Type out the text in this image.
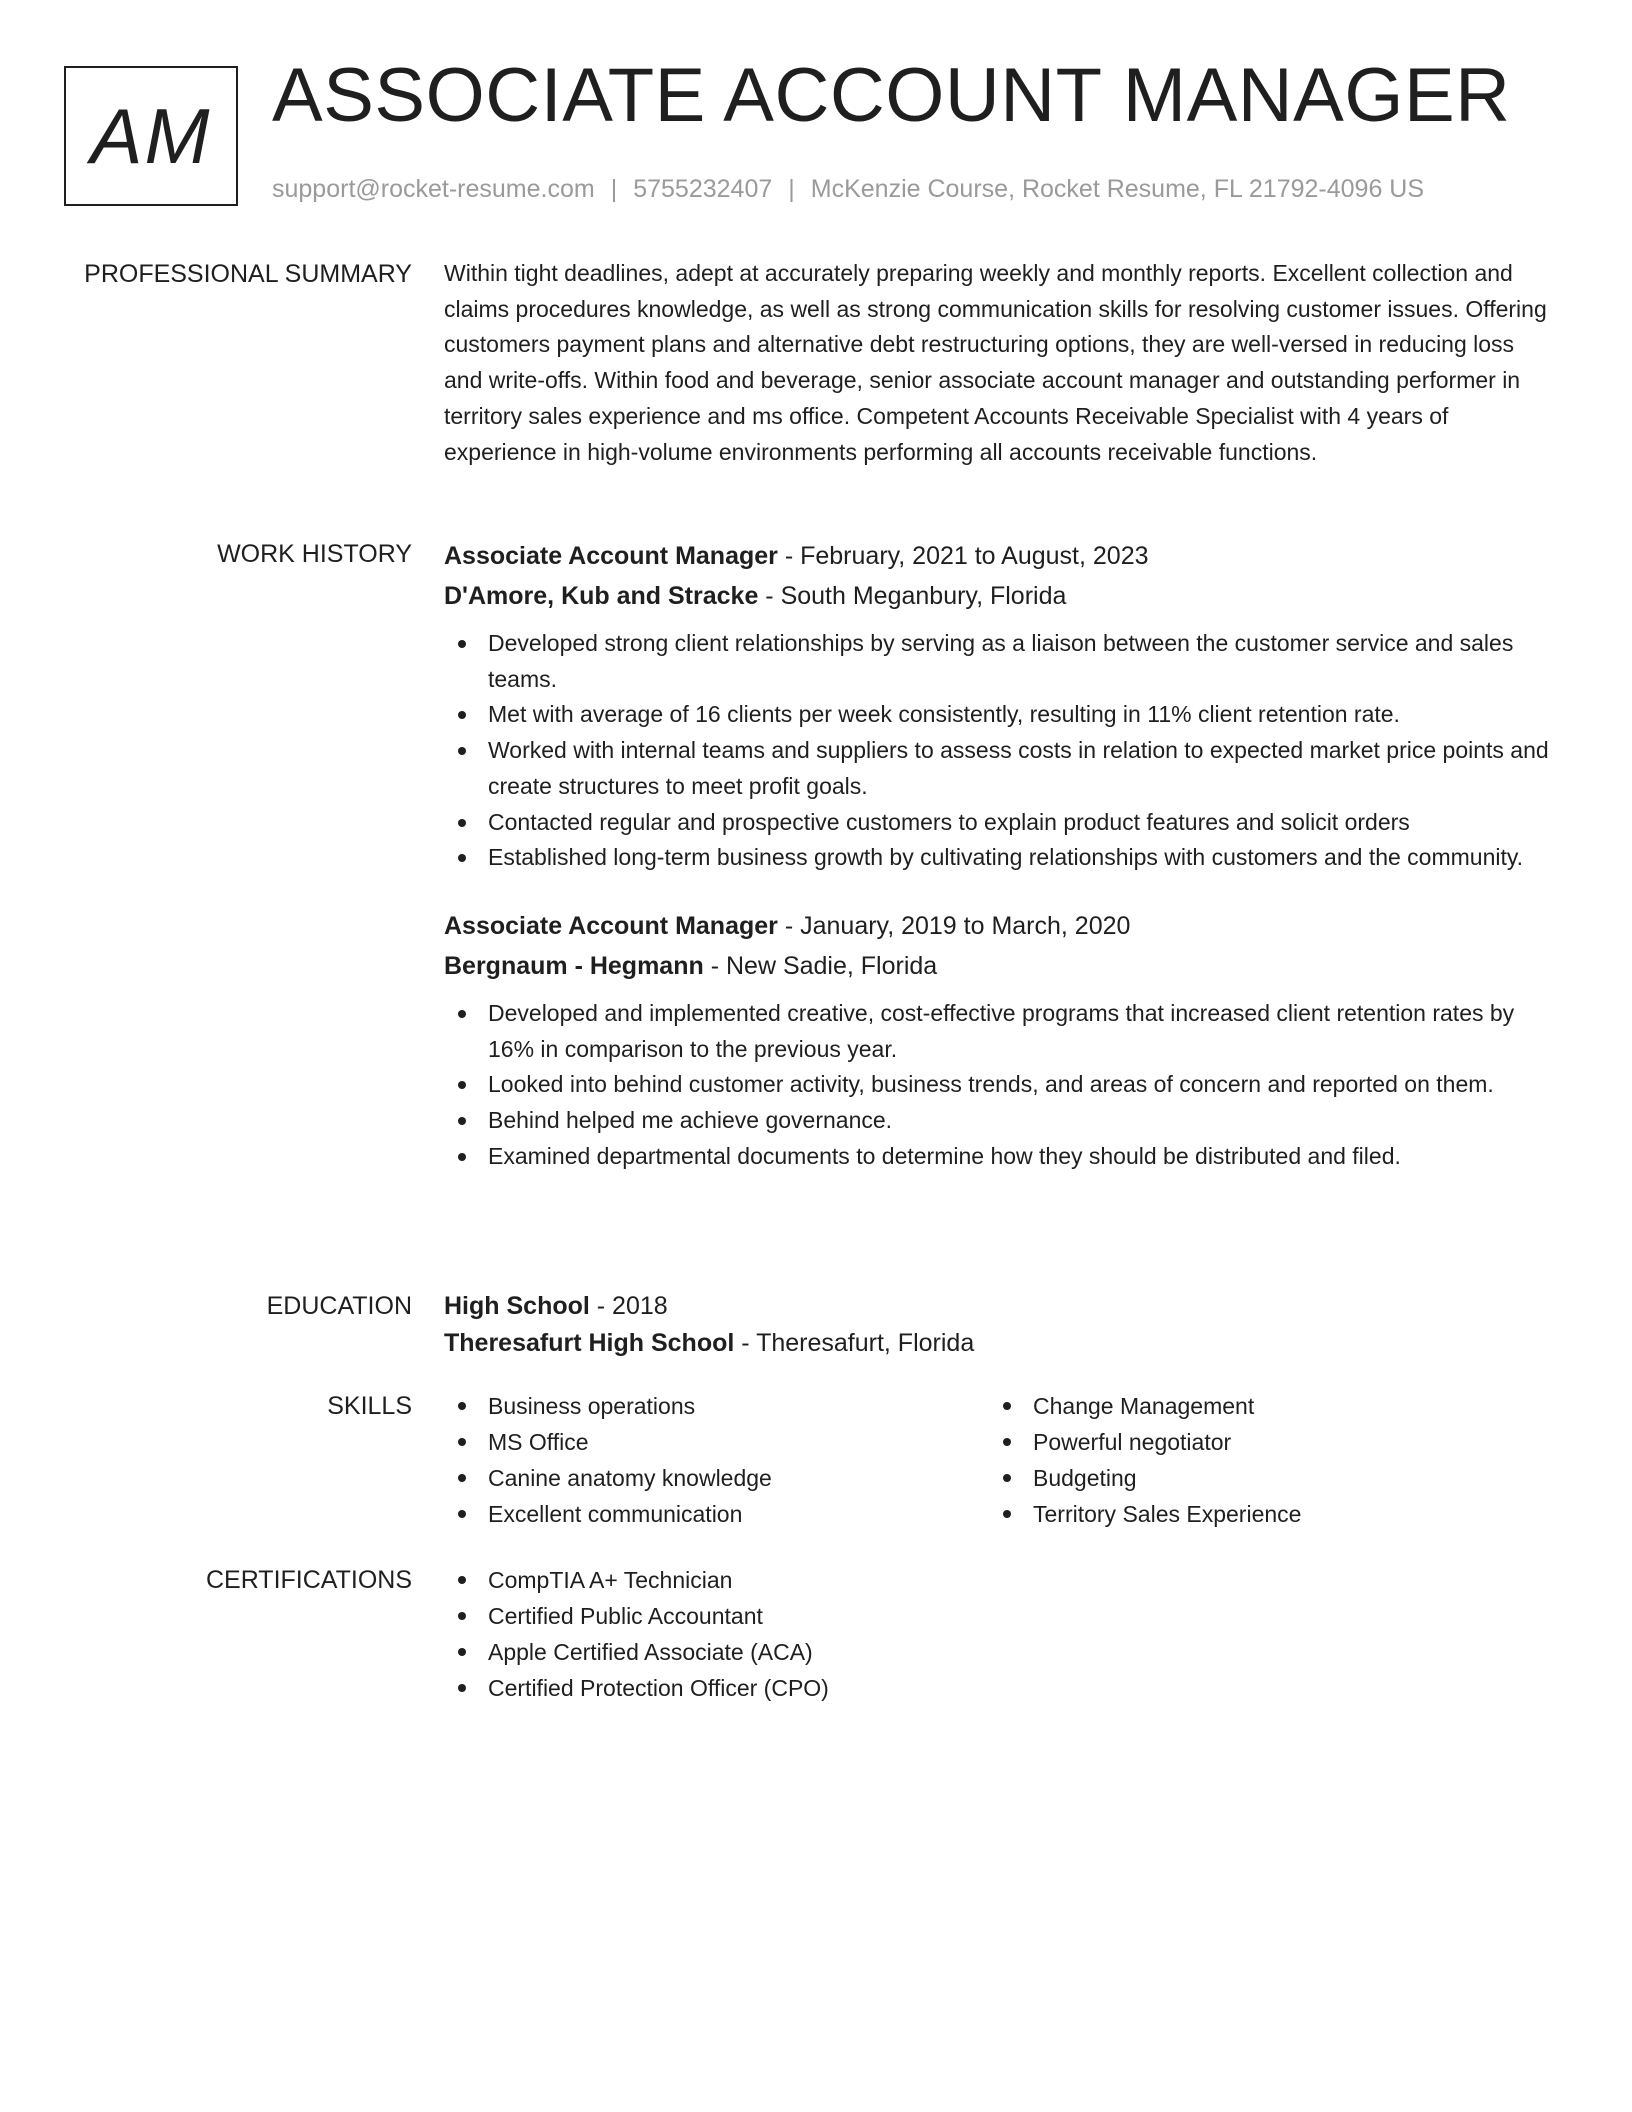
AM ASSOCIATE ACCOUNT MANAGER
support@rocket-resume.com | 5755232407 | McKenzie Course, Rocket Resume, FL 21792-4096 US
PROFESSIONAL SUMMARY Within tight deadlines, adept at accurately preparing weekly and monthly reports. Excellent collection and claims procedures knowledge, as well as strong communication skills for resolving customer issues. Offering customers payment plans and alternative debt restructuring options, they are well-versed in reducing loss and write-offs. Within food and beverage, senior associate account manager and outstanding performer in territory sales experience and ms office. Competent Accounts Receivable Specialist with 4 years of experience in high-volume environments performing all accounts receivable functions.

WORK HISTORY Associate Account Manager - February, 2021 to August, 2023
D'Amore, Kub and Stracke - South Meganbury, Florida
Developed strong client relationships by serving as a liaison between the customer service and sales teams.
Met with average of 16 clients per week consistently, resulting in 11% client retention rate.
Worked with internal teams and suppliers to assess costs in relation to expected market price points and create structures to meet profit goals.
Contacted regular and prospective customers to explain product features and solicit orders
Established long-term business growth by cultivating relationships with customers and the community.
Associate Account Manager - January, 2019 to March, 2020
Bergnaum - Hegmann - New Sadie, Florida
Developed and implemented creative, cost-effective programs that increased client retention rates by 16% in comparison to the previous year.
Looked into behind customer activity, business trends, and areas of concern and reported on them.
Behind helped me achieve governance.
Examined departmental documents to determine how they should be distributed and filed.
EDUCATION High School - 2018
Theresafurt High School - Theresafurt, Florida
SKILLS	Business operations
MS Office
Canine anatomy knowledge
Excellent communication
Change Management
Powerful negotiator
Budgeting
Territory Sales Experience
CERTIFICATIONS	CompTIA A+ Technician
Certified Public Accountant
Apple Certified Associate (ACA)
Certified Protection Officer (CPO)
